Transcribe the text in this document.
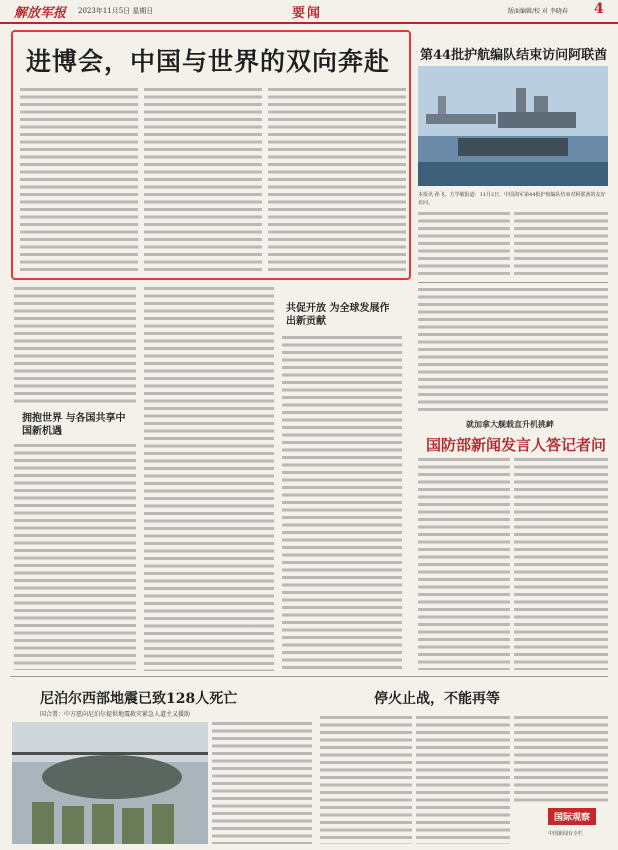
解放军报 2023年11月5日 星期日	要闻	版面编辑/校 对 李晓春 4
进博会，中国与世界的双向奔赴
拥抱世界 与各国共享中国新机遇
共促开放 为全球发展作出新贡献
第44批护航编队结束访问阿联酋
本报讯 孙飞、方学敏报道：11月2日，中国海军第44批护航编队结束对阿联酋的友好访问。
就加拿大舰载直升机挑衅
国防部新闻发言人答记者问
尼泊尔西部地震已致128人死亡
国合署：中方愿向尼泊尔提供地震救灾紧急人道主义援助
停火止战，不能再等
国际观察
中国新闻有专栏
